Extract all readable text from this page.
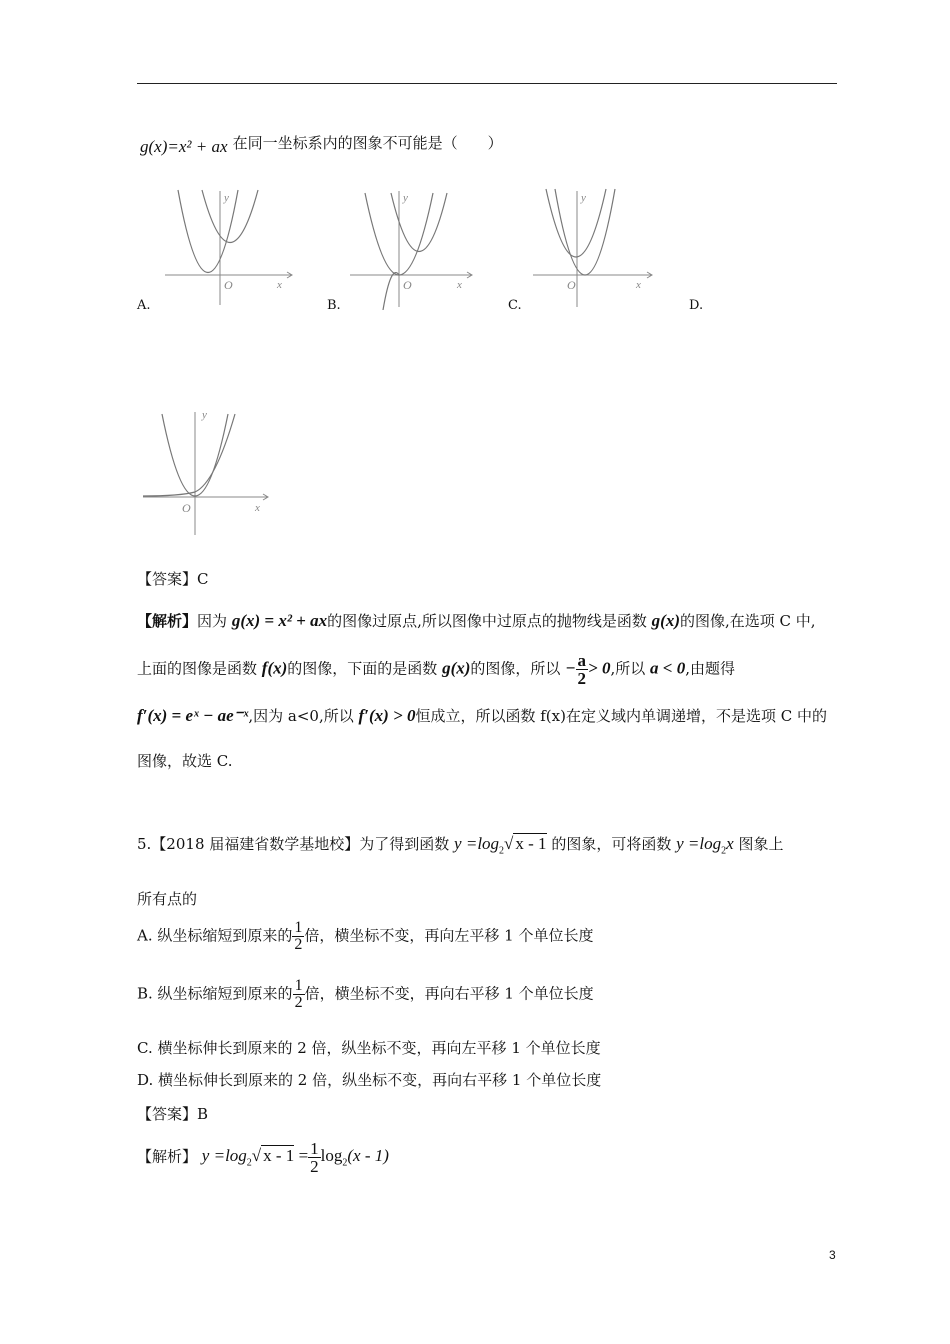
g(x)=x² + ax 在同一坐标系内的图象不可能是（　　）
O	x
y
O	x
y
O	x
y
O	x
y
A.	B.	C.	D.
【答案】C
【解析】因为 g(x) = x² + ax的图像过原点,所以图像中过原点的抛物线是函数 g(x)的图像,在选项 C 中,
上面的图像是函数 f(x)的图像，下面的是函数 g(x)的图像，所以 − $\frac{a}{2} > 0$,所以 a < 0,由题得
f′(x) = eˣ − ae⁻ˣ,因为 a<0,所以 f′(x) > 0恒成立，所以函数 f(x)在定义域内单调递增，不是选项 C 中的
图像，故选 C.
5.【2018 届福建省数学基地校】为了得到函数 $y =\log_2√$ x - 1 的图象，可将函数 $y =\log_2x$ 图象上
所有点的
A. 纵坐标缩短到原来的 $\frac{1}{2}$ 倍，横坐标不变，再向左平移 1 个单位长度
B. 纵坐标缩短到原来的 $\frac{1}{2}$ 倍，横坐标不变，再向右平移 1 个单位长度
C. 横坐标伸长到原来的 2 倍，纵坐标不变，再向左平移 1 个单位长度
D. 横坐标伸长到原来的 2 倍，纵坐标不变，再向右平移 1 个单位长度
【答案】B
【解析】 $y =\log_2√$ $x - 1 = \frac{1}{2} \log_2(x - 1)$
3
